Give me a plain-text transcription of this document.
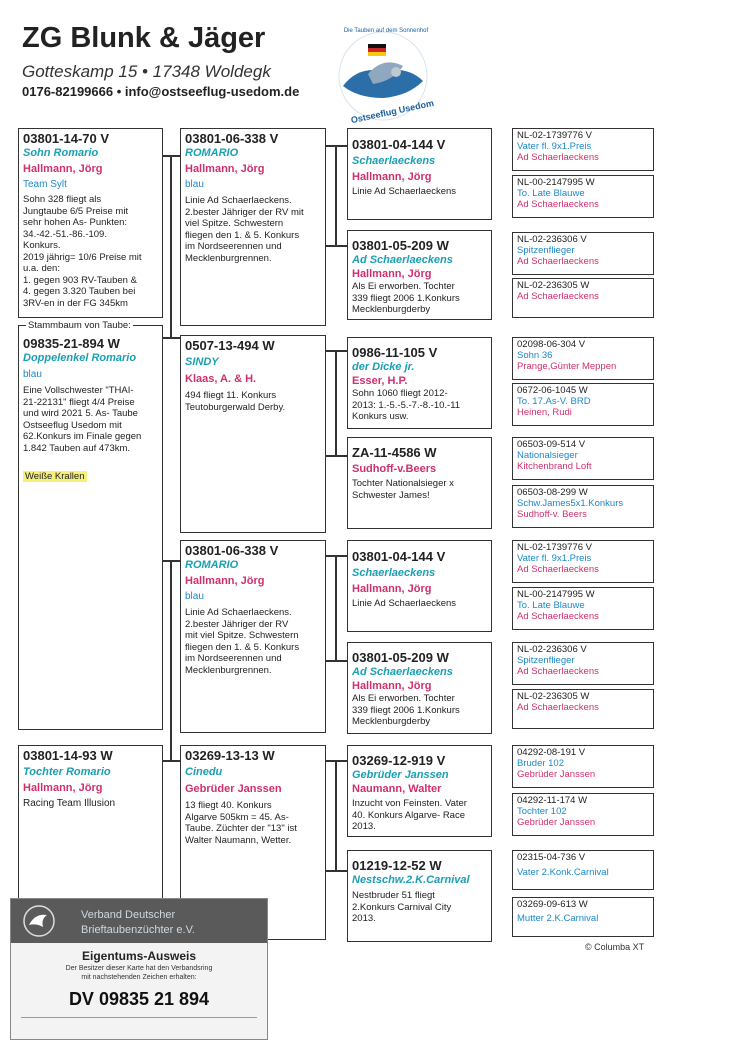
ZG Blunk & Jäger
Gotteskamp 15 • 17348 Woldegk
0176-82199666 • info@ostseeflug-usedom.de
Die Tauben auf dem Sonnenhof
Ostseeflug Usedom
03801-14-70 V
Sohn Romario
Hallmann, Jörg
Team Sylt
Sohn 328 fliegt als
Jungtaube 6/5 Preise mit
sehr hohen As- Punkten:
34.-42.-51.-86.-109.
Konkurs.
2019 jährig= 10/6 Preise mit
u.a. den:
1. gegen 903 RV-Tauben &
4. gegen 3.320 Tauben bei
3RV-en in der FG 345km
09835-21-894 W
Doppelenkel Romario
blau
Eine Vollschwester "THAI-
21-22131" fliegt 4/4 Preise
und wird 2021 5. As- Taube
Ostseeflug Usedom mit
62.Konkurs im Finale gegen
1.842 Tauben auf 473km.
Weiße Krallen
Stammbaum von Taube:
03801-14-93 W
Tochter Romario
Hallmann, Jörg
Racing Team Illusion
03801-06-338 V
ROMARIO
Hallmann, Jörg
blau
Linie Ad Schaerlaeckens.
2.bester Jähriger der RV mit
viel Spitze. Schwestern
fliegen den 1. & 5. Konkurs
im Nordseerennen und
Mecklenburgrennen.
0507-13-494 W
SINDY
Klaas, A. & H.
494 fliegt 11. Konkurs
Teutoburgerwald Derby.
03801-06-338 V
ROMARIO
Hallmann, Jörg
blau
Linie Ad Schaerlaeckens.
2.bester Jähriger der RV
mit viel Spitze. Schwestern
fliegen den 1. & 5. Konkurs
im Nordseerennen und
Mecklenburgrennen.
03269-13-13 W
Cinedu
Gebrüder Janssen
13 fliegt 40. Konkurs
Algarve 505km = 45. As-
Taube. Züchter der "13" ist
Walter Naumann, Wetter.
03801-04-144 V
Schaerlaeckens
Hallmann, Jörg
Linie Ad Schaerlaeckens
03801-05-209 W
Ad Schaerlaeckens
Hallmann, Jörg
Als Ei erworben. Tochter
339 fliegt 2006 1.Konkurs
Mecklenburgderby
0986-11-105 V
der Dicke jr.
Esser, H.P.
Sohn 1060 fliegt 2012-
2013: 1.-5.-5.-7.-8.-10.-11
Konkurs usw.
ZA-11-4586 W
Sudhoff-v.Beers
Tochter Nationalsieger x
Schwester James!
03801-04-144 V
Schaerlaeckens
Hallmann, Jörg
Linie Ad Schaerlaeckens
03801-05-209 W
Ad Schaerlaeckens
Hallmann, Jörg
Als Ei erworben. Tochter
339 fliegt 2006 1.Konkurs
Mecklenburgderby
03269-12-919 V
Gebrüder Janssen
Naumann, Walter
Inzucht von Feinsten. Vater
40. Konkurs Algarve- Race
2013.
01219-12-52 W
Nestschw.2.K.Carnival
Nestbruder 51 fliegt
2.Konkurs Carnival City
2013.
NL-02-1739776 V
Vater fl. 9x1.Preis
Ad Schaerlaeckens
NL-00-2147995 W
To. Late Blauwe
Ad Schaerlaeckens
NL-02-236306 V
Spitzenflieger
Ad Schaerlaeckens
NL-02-236305 W
Ad Schaerlaeckens
02098-06-304 V
Sohn 36
Prange,Günter Meppen
0672-06-1045 W
To. 17.As-V. BRD
Heinen, Rudi
06503-09-514 V
Nationalsieger
Kitchenbrand Loft
06503-08-299 W
Schw.James5x1.Konkurs
Sudhoff-v. Beers
NL-02-1739776 V
Vater fl. 9x1.Preis
Ad Schaerlaeckens
NL-00-2147995 W
To. Late Blauwe
Ad Schaerlaeckens
NL-02-236306 V
Spitzenflieger
Ad Schaerlaeckens
NL-02-236305 W
Ad Schaerlaeckens
04292-08-191 V
Bruder 102
Gebrüder Janssen
04292-11-174 W
Tochter 102
Gebrüder Janssen
02315-04-736 V
Vater 2.Konk.Carnival
03269-09-613 W
Mutter 2.K.Carnival
© Columba XT
Verband Deutscher
Brieftaubenzüchter e.V.
Eigentums-Ausweis
Der Besitzer dieser Karte hat den Verbandsring
mit nachstehenden Zeichen erhalten:
DV 09835 21 894
